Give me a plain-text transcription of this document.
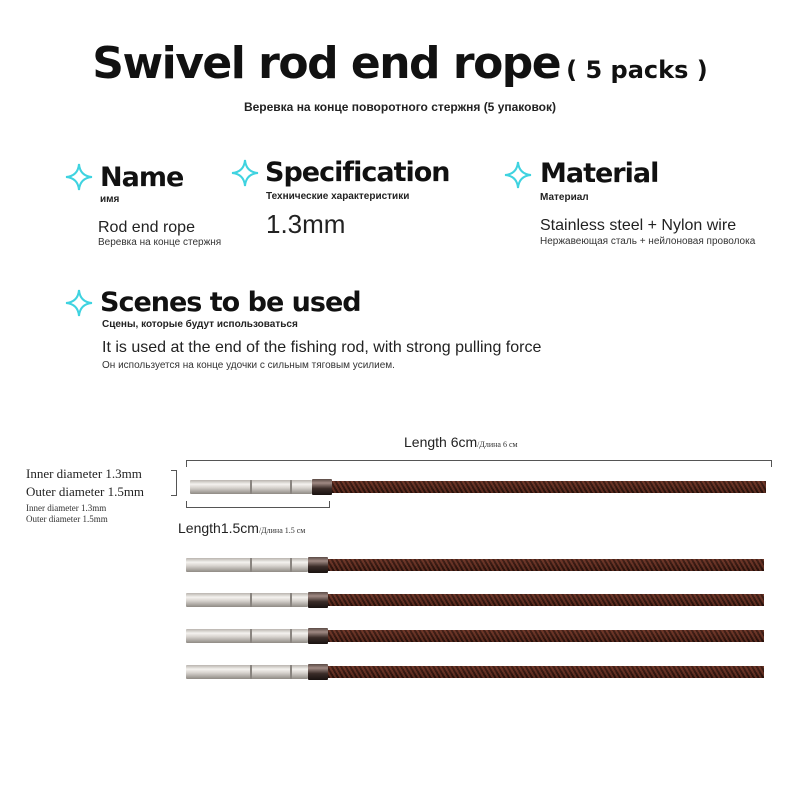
Swivel rod end rope ( 5 packs )
Веревка на конце поворотного стержня (5 упаковок)
Name
имя
Rod end rope
Веревка на конце стержня
Specification
Технические характеристики
1.3mm
Material
Материал
Stainless steel + Nylon wire
Нержавеющая сталь + нейлоновая проволока
Scenes to be used
Сцены, которые будут использоваться
It is used at the end of the fishing rod, with strong pulling force
Он используется на конце удочки с сильным тяговым усилием.
Length 6cm/Длина 6 см
Inner diameter 1.3mm
Outer diameter 1.5mm
Inner diameter 1.3mm
Outer diameter 1.5mm
Length1.5cm/Длина 1.5 см
